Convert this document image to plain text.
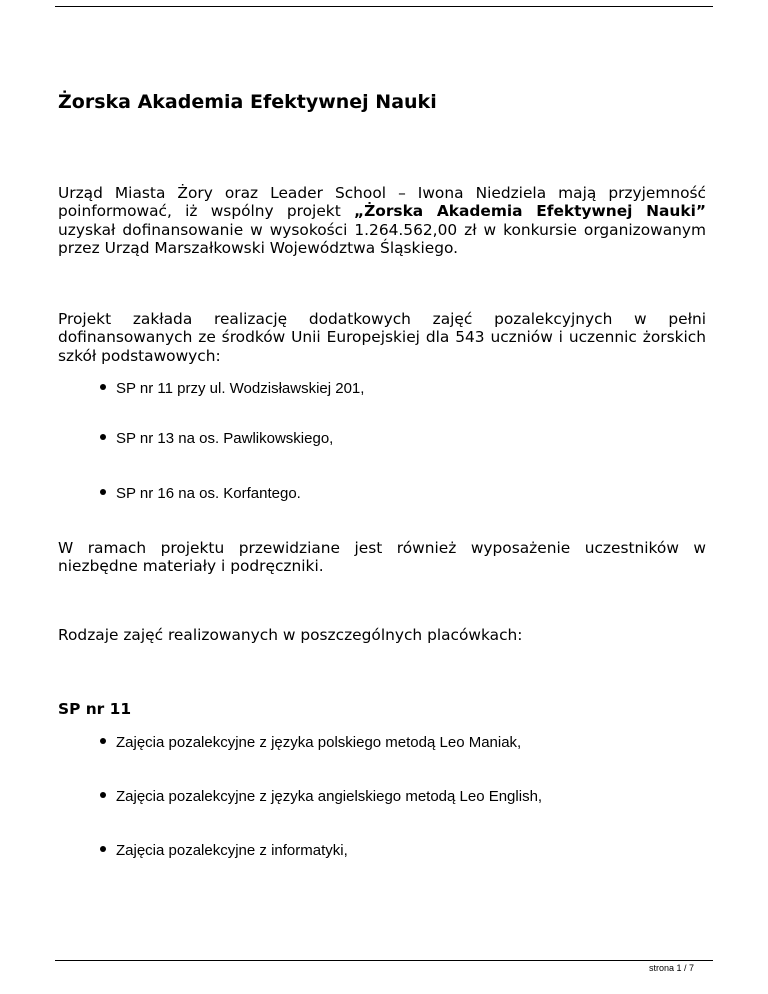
Żorska Akademia Efektywnej Nauki

Urząd Miasta Żory oraz Leader School – Iwona Niedziela mają przyjemność poinformować, iż wspólny projekt „Żorska Akademia Efektywnej Nauki” uzyskał dofinansowanie w wysokości 1.264.562,00 zł w konkursie organizowanym przez Urząd Marszałkowski Województwa Śląskiego.

Projekt zakłada realizację dodatkowych zajęć pozalekcyjnych w pełni dofinansowanych ze środków Unii Europejskiej dla 543 uczniów i uczennic żorskich szkół podstawowych:

SP nr 11 przy ul. Wodzisławskiej 201,
SP nr 13 na os. Pawlikowskiego,
SP nr 16 na os. Korfantego.

W ramach projektu przewidziane jest również wyposażenie uczestników w niezbędne materiały i podręczniki.

Rodzaje zajęć realizowanych w poszczególnych placówkach:

SP nr 11
Zajęcia pozalekcyjne z języka polskiego metodą Leo Maniak,
Zajęcia pozalekcyjne z języka angielskiego metodą Leo English,
Zajęcia pozalekcyjne z informatyki,
strona 1 / 7
